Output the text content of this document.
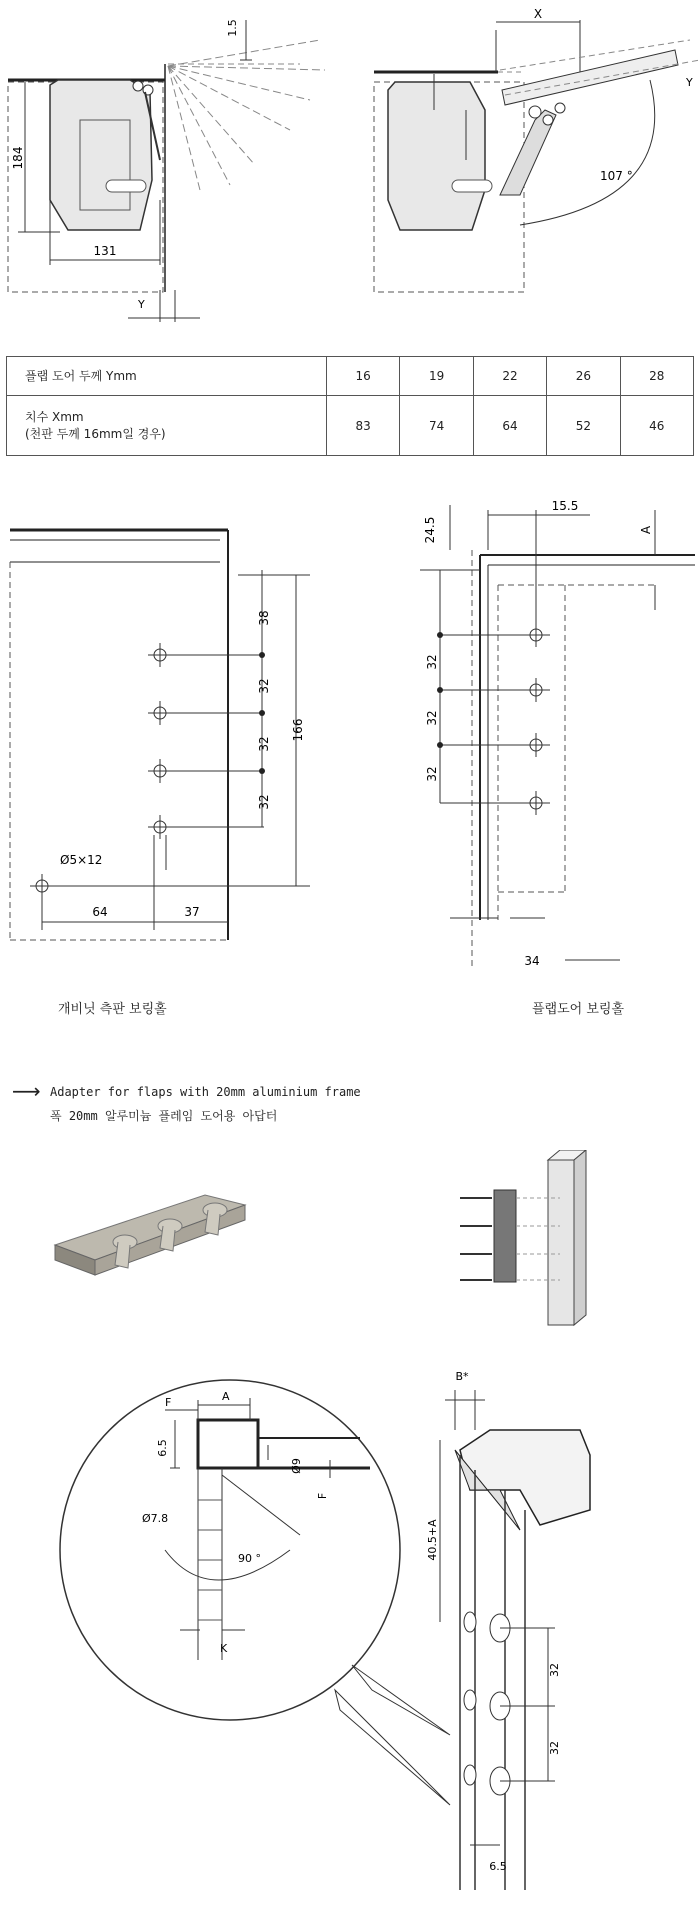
1.5
184
131
Y
X
Y
107 °
플랩 도어 두께 Ymm	16	19	22	26	28

치수 Xmm
(천판 두께 16mm일 경우)	83	74	64	52	46
38
32
32
32
166
Ø5×12
64	37
개비닛 측판 보링홀
24.5
15.5
A
32
32
32
34
플랩도어 보링홀
⟶ Adapter for flaps with 20mm aluminium frame
폭 20mm 알루미늄 플레임 도어용 아답터
F	A
6.5
Ø9
F
Ø7.8
90 °
K
B*
40.5+A
32
32
6.5
